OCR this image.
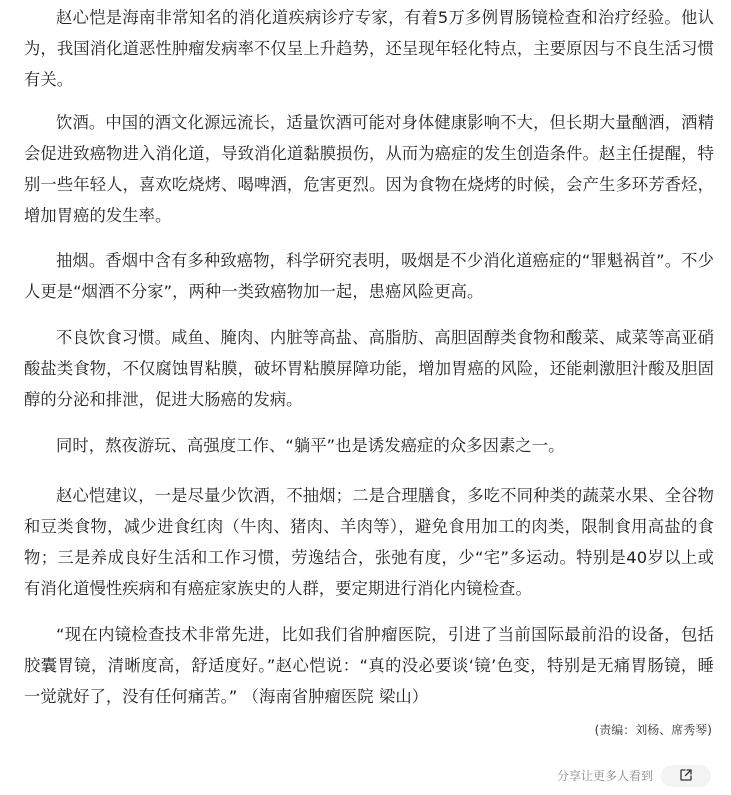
赵心恺是海南非常知名的消化道疾病诊疗专家，有着5万多例胃肠镜检查和治疗经验。他认为，我国消化道恶性肿瘤发病率不仅呈上升趋势，还呈现年轻化特点，主要原因与不良生活习惯有关。

饮酒。中国的酒文化源远流长，适量饮酒可能对身体健康影响不大，但长期大量酗酒，酒精会促进致癌物进入消化道，导致消化道黏膜损伤，从而为癌症的发生创造条件。赵主任提醒，特别一些年轻人，喜欢吃烧烤、喝啤酒，危害更烈。因为食物在烧烤的时候，会产生多环芳香烃，增加胃癌的发生率。

抽烟。香烟中含有多种致癌物，科学研究表明，吸烟是不少消化道癌症的“罪魁祸首”。不少人更是“烟酒不分家”，两种一类致癌物加一起，患癌风险更高。

不良饮食习惯。咸鱼、腌肉、内脏等高盐、高脂肪、高胆固醇类食物和酸菜、咸菜等高亚硝酸盐类食物，不仅腐蚀胃粘膜，破坏胃粘膜屏障功能，增加胃癌的风险，还能刺激胆汁酸及胆固醇的分泌和排泄，促进大肠癌的发病。

同时，熬夜游玩、高强度工作、“躺平”也是诱发癌症的众多因素之一。

赵心恺建议，一是尽量少饮酒，不抽烟；二是合理膳食，多吃不同种类的蔬菜水果、全谷物和豆类食物，减少进食红肉（牛肉、猪肉、羊肉等），避免食用加工的肉类，限制食用高盐的食物；三是养成良好生活和工作习惯，劳逸结合，张弛有度，少“宅”多运动。特别是40岁以上或有消化道慢性疾病和有癌症家族史的人群，要定期进行消化内镜检查。

“现在内镜检查技术非常先进，比如我们省肿瘤医院，引进了当前国际最前沿的设备，包括胶囊胃镜，清晰度高，舒适度好。”赵心恺说：“真的没必要谈‘镜’色变，特别是无痛胃肠镜，睡一觉就好了，没有任何痛苦。” （海南省肿瘤医院 梁山）

(责编：刘杨、席秀琴)
分享让更多人看到
